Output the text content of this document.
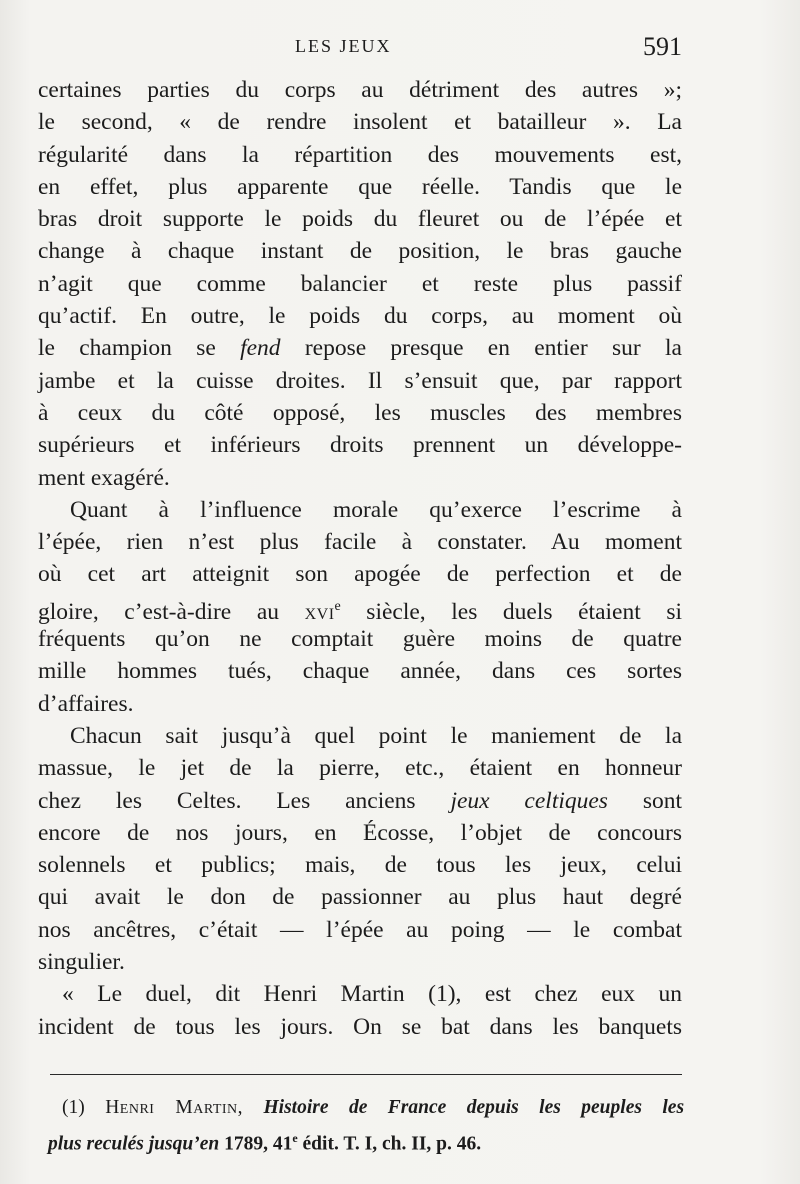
LES JEUX	591
certaines parties du corps au détriment des autres »;
le second, « de rendre insolent et batailleur ». La
régularité dans la répartition des mouvements est,
en effet, plus apparente que réelle. Tandis que le
bras droit supporte le poids du fleuret ou de l’épée et
change à chaque instant de position, le bras gauche
n’agit que comme balancier et reste plus passif
qu’actif. En outre, le poids du corps, au moment où
le champion se fend repose presque en entier sur la
jambe et la cuisse droites. Il s’ensuit que, par rapport
à ceux du côté opposé, les muscles des membres
supérieurs et inférieurs droits prennent un développe-
ment exagéré.
Quant à l’influence morale qu’exerce l’escrime à
l’épée, rien n’est plus facile à constater. Au moment
où cet art atteignit son apogée de perfection et de
gloire, c’est-à-dire au xvi$^e$ siècle, les duels étaient si
fréquents qu’on ne comptait guère moins de quatre
mille hommes tués, chaque année, dans ces sortes
d’affaires.
Chacun sait jusqu’à quel point le maniement de la
massue, le jet de la pierre, etc., étaient en honneur
chez les Celtes. Les anciens jeux celtiques sont
encore de nos jours, en Écosse, l’objet de concours
solennels et publics; mais, de tous les jeux, celui
qui avait le don de passionner au plus haut degré
nos ancêtres, c’était — l’épée au poing — le combat
singulier.
« Le duel, dit Henri Martin (1), est chez eux un
incident de tous les jours. On se bat dans les banquets
(1) Henri Martin, Histoire de France depuis les peuples les
plus reculés jusqu’en 1789, 41e édit. T. I, ch. II, p. 46.
